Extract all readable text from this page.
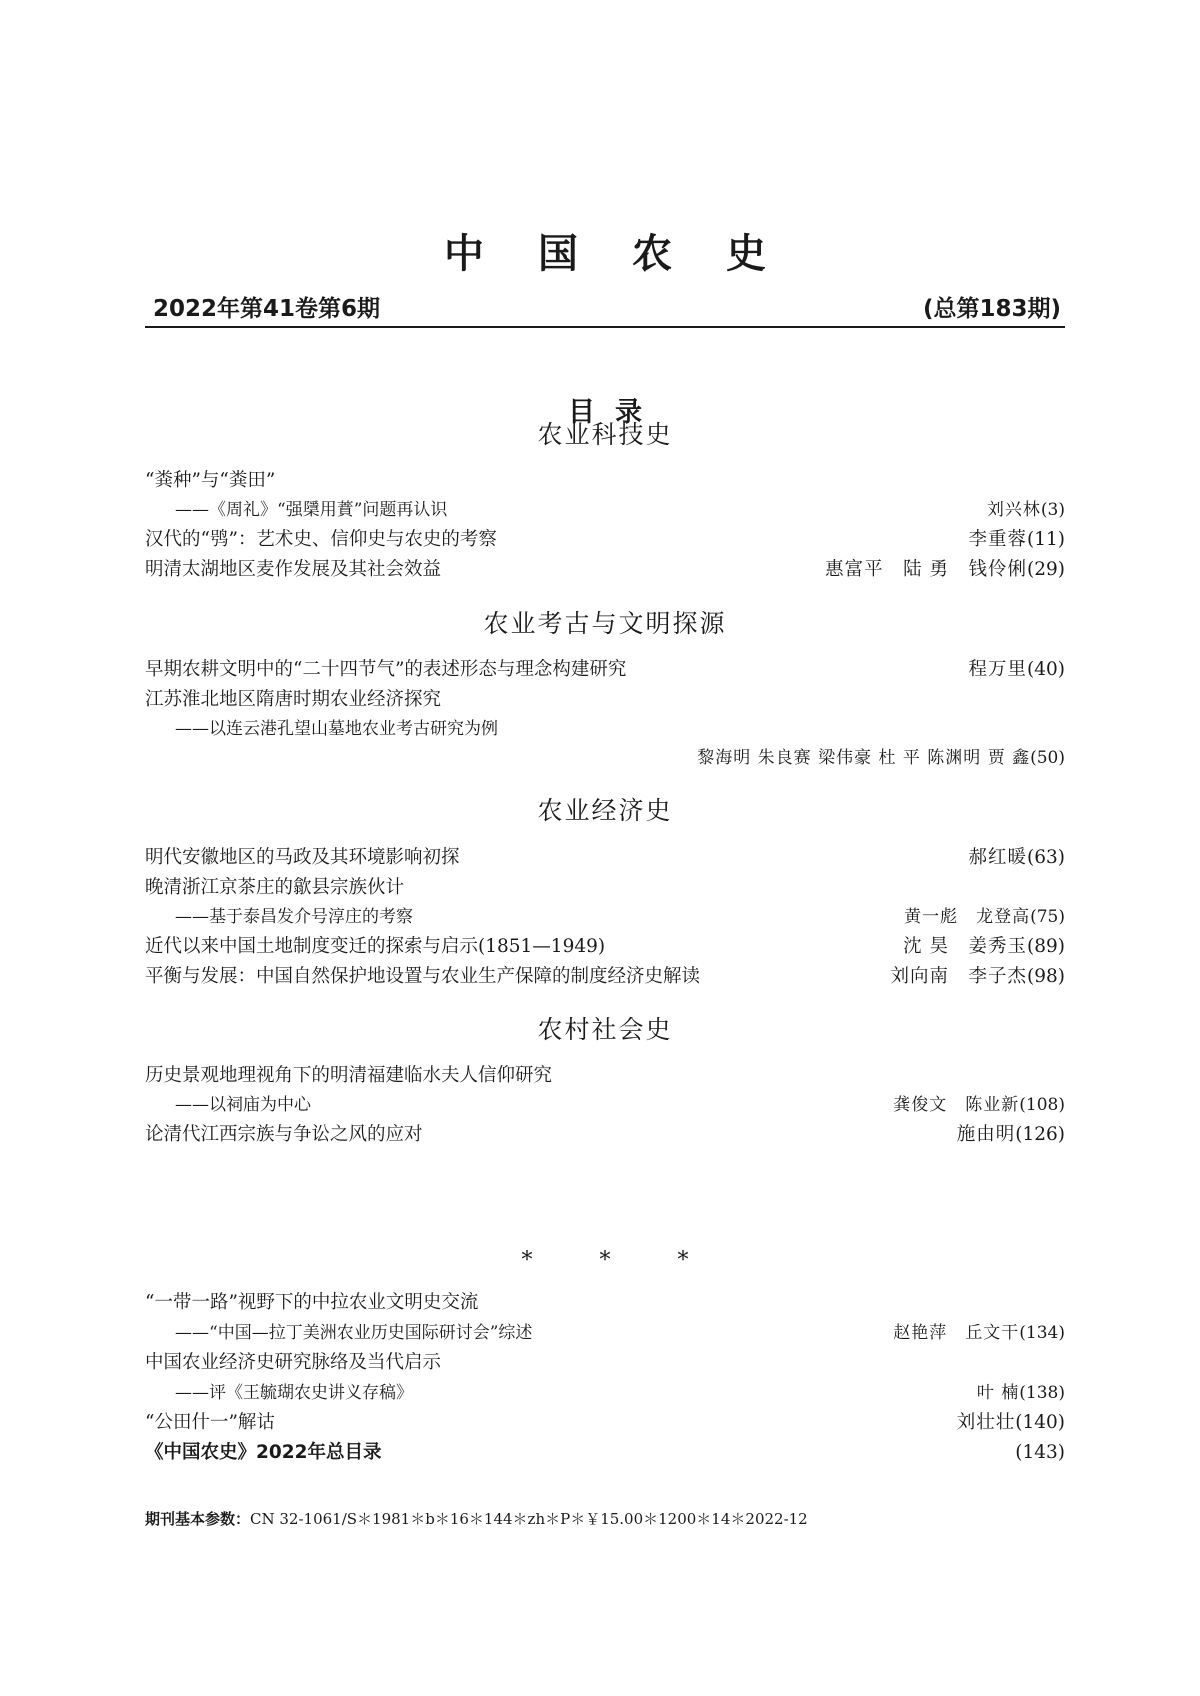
中国农史
2022年第41卷第6期	(总第183期)
目录
农业科技史
“粪种”与“粪田”
——《周礼》“强檃用蕡”问题再认识	刘兴林(3)
汉代的“鸮”：艺术史、信仰史与农史的考察	李重蓉(11)
明清太湖地区麦作发展及其社会效益	惠富平　陆 勇　钱伶俐(29)
农业考古与文明探源
早期农耕文明中的“二十四节气”的表述形态与理念构建研究	程万里(40)
江苏淮北地区隋唐时期农业经济探究
——以连云港孔望山墓地农业考古研究为例
黎海明 朱良赛 梁伟豪 杜 平 陈渊明 贾 鑫(50)
农业经济史
明代安徽地区的马政及其环境影响初探	郝红暖(63)
晚清浙江京茶庄的歙县宗族伙计
——基于泰昌发介号淳庄的考察	黄一彪　龙登高(75)
近代以来中国土地制度变迁的探索与启示(1851—1949)	沈 昊　姜秀玉(89)
平衡与发展：中国自然保护地设置与农业生产保障的制度经济史解读	刘向南　李子杰(98)
农村社会史
历史景观地理视角下的明清福建临水夫人信仰研究
——以祠庙为中心	龚俊文　陈业新(108)
论清代江西宗族与争讼之风的应对	施由明(126)
* * *
“一带一路”视野下的中拉农业文明史交流
——“中国—拉丁美洲农业历史国际研讨会”综述	赵艳萍　丘文干(134)
中国农业经济史研究脉络及当代启示
——评《王毓瑚农史讲义存稿》	叶 楠(138)
“公田什一”解诂	刘壮壮(140)
《中国农史》2022年总目录	(143)
期刊基本参数：CN 32-1061/S＊1981＊b＊16＊144＊zh＊P＊￥15.00＊1200＊14＊2022-12
